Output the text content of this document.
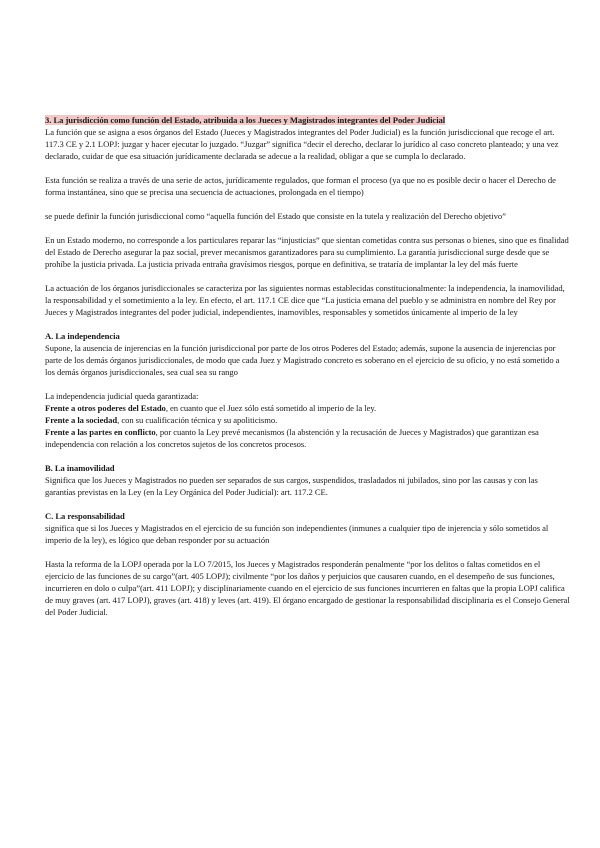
3. La jurisdicción como función del Estado, atribuida a los Jueces y Magistrados integrantes del Poder Judicial

La función que se asigna a esos órganos del Estado (Jueces y Magistrados integrantes del Poder Judicial) es la función jurisdiccional que recoge el art. 117.3 CE y 2.1 LOPJ: juzgar y hacer ejecutar lo juzgado. “Juzgar” significa “decir el derecho, declarar lo jurídico al caso concreto planteado; y una vez declarado, cuidar de que esa situación jurídicamente declarada se adecue a la realidad, obligar a que se cumpla lo declarado.

Esta función se realiza a través de una serie de actos, jurídicamente regulados, que forman el proceso (ya que no es posible decir o hacer el Derecho de forma instantánea, sino que se precisa una secuencia de actuaciones, prolongada en el tiempo)

se puede definir la función jurisdiccional como “aquella función del Estado que consiste en la tutela y realización del Derecho objetivo”

En un Estado moderno, no corresponde a los particulares reparar las “injusticias” que sientan cometidas contra sus personas o bienes, sino que es finalidad del Estado de Derecho asegurar la paz social, prever mecanismos garantizadores para su cumplimiento. La garantía jurisdiccional surge desde que se prohíbe la justicia privada. La justicia privada entraña gravísimos riesgos, porque en definitiva, se trataría de implantar la ley del más fuerte

La actuación de los órganos jurisdiccionales se caracteriza por las siguientes normas establecidas constitucionalmente: la independencia, la inamovilidad, la responsabilidad y el sometimiento a la ley. En efecto, el art. 117.1 CE dice que “La justicia emana del pueblo y se administra en nombre del Rey por Jueces y Magistrados integrantes del poder judicial, independientes, inamovibles, responsables y sometidos únicamente al imperio de la ley

A. La independencia

Supone, la ausencia de injerencias en la función jurisdiccional por parte de los otros Poderes del Estado; además, supone la ausencia de injerencias por parte de los demás órganos jurisdiccionales, de modo que cada Juez y Magistrado concreto es soberano en el ejercicio de su oficio, y no está sometido a los demás órganos jurisdiccionales, sea cual sea su rango

La independencia judicial queda garantizada:

Frente a otros poderes del Estado, en cuanto que el Juez sólo está sometido al imperio de la ley.

Frente a la sociedad, con su cualificación técnica y su apoliticismo.

Frente a las partes en conflicto, por cuanto la Ley prevé mecanismos (la abstención y la recusación de Jueces y Magistrados) que garantizan esa independencia con relación a los concretos sujetos de los concretos procesos.

B. La inamovilidad

Significa que los Jueces y Magistrados no pueden ser separados de sus cargos, suspendidos, trasladados ni jubilados, sino por las causas y con las garantías previstas en la Ley (en la Ley Orgánica del Poder Judicial): art. 117.2 CE.

C. La responsabilidad

significa que si los Jueces y Magistrados en el ejercicio de su función son independientes (inmunes a cualquier tipo de injerencia y sólo sometidos al imperio de la ley), es lógico que deban responder por su actuación

Hasta la reforma de la LOPJ operada por la LO 7/2015, los Jueces y Magistrados responderán penalmente “por los delitos o faltas cometidos en el ejercicio de las funciones de su cargo”(art. 405 LOPJ); civilmente “por los daños y perjuicios que causaren cuando, en el desempeño de sus funciones, incurrieren en dolo o culpa”(art. 411 LOPJ); y disciplinariamente cuando en el ejercicio de sus funciones incurrieren en faltas que la propia LOPJ califica de muy graves (art. 417 LOPJ), graves (art. 418) y leves (art. 419). El órgano encargado de gestionar la responsabilidad disciplinaria es el Consejo General del Poder Judicial.
